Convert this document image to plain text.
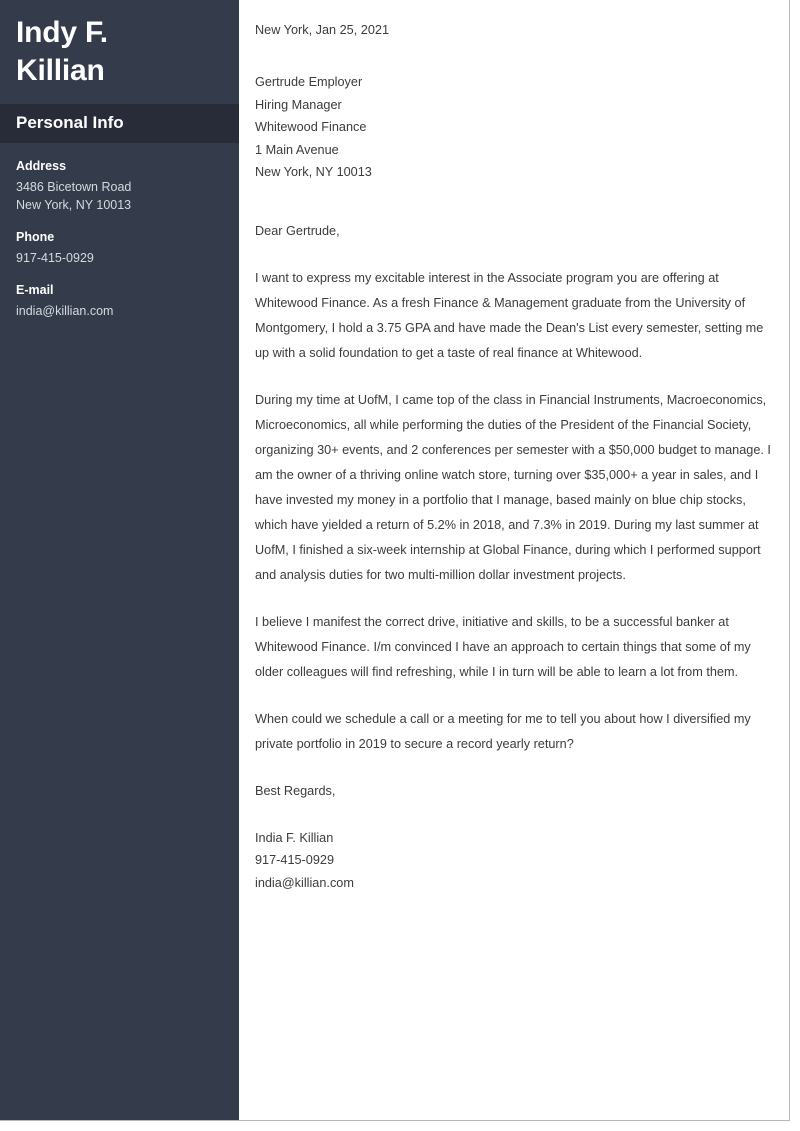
Indy F.
Killian
Personal Info
Address
3486 Bicetown Road
New York, NY 10013
Phone
917-415-0929
E-mail
india@killian.com
New York, Jan 25, 2021
Gertrude Employer
Hiring Manager
Whitewood Finance
1 Main Avenue
New York, NY 10013
Dear Gertrude,

I want to express my excitable interest in the Associate program you are offering at Whitewood Finance. As a fresh Finance & Management graduate from the University of Montgomery, I hold a 3.75 GPA and have made the Dean's List every semester, setting me up with a solid foundation to get a taste of real finance at Whitewood.

During my time at UofM, I came top of the class in Financial Instruments, Macroeconomics, Microeconomics, all while performing the duties of the President of the Financial Society, organizing 30+ events, and 2 conferences per semester with a $50,000 budget to manage. I am the owner of a thriving online watch store, turning over $35,000+ a year in sales, and I have invested my money in a portfolio that I manage, based mainly on blue chip stocks, which have yielded a return of 5.2% in 2018, and 7.3% in 2019. During my last summer at UofM, I finished a six-week internship at Global Finance, during which I performed support and analysis duties for two multi-million dollar investment projects.

I believe I manifest the correct drive, initiative and skills, to be a successful banker at Whitewood Finance. I/m convinced I have an approach to certain things that some of my older colleagues will find refreshing, while I in turn will be able to learn a lot from them.

When could we schedule a call or a meeting for me to tell you about how I diversified my private portfolio in 2019 to secure a record yearly return?

Best Regards,
India F. Killian
917-415-0929
india@killian.com
